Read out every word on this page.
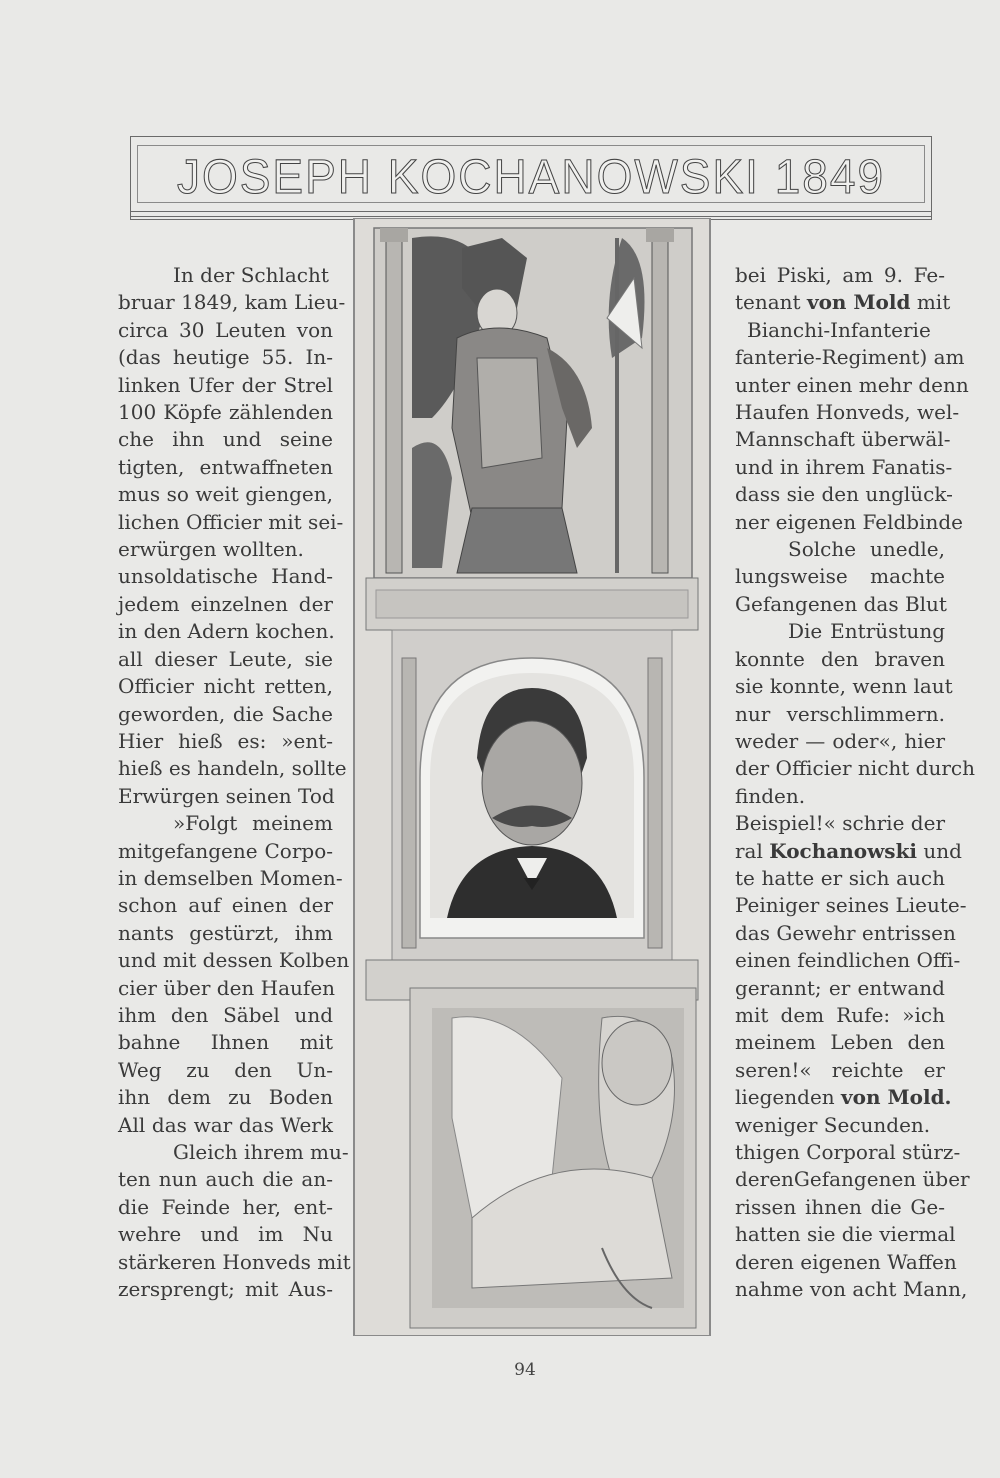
JOSEPH KOCHANOWSKI 1849
In der Schlacht
bruar 1849, kam Lieu-
circa 30 Leuten von
(das heutige 55. In-
linken Ufer der Strel
100 Köpfe zählenden
che ihn und seine
tigten, entwaffneten
mus so weit giengen,
lichen Officier mit sei-
erwürgen wollten.
unsoldatische Hand-
jedem einzelnen der
in den Adern kochen.
all dieser Leute, sie
Officier nicht retten,
geworden, die Sache
Hier hieß es: »ent-
hieß es handeln, sollte
Erwürgen seinen Tod
»Folgt meinem
mitgefangene Corpo-
in demselben Momen-
schon auf einen der
nants gestürzt, ihm
und mit dessen Kolben
cier über den Haufen
ihm den Säbel und
bahne Ihnen mit
Weg zu den Un-
ihn dem zu Boden
All das war das Werk
Gleich ihrem mu-
ten nun auch die an-
die Feinde her, ent-
wehre und im Nu
stärkeren Honveds mit
zersprengt; mit Aus-
bei Piski, am 9. Fe-
tenant von Mold mit
Bianchi-Infanterie
fanterie-Regiment) am
unter einen mehr denn
Haufen Honveds, wel-
Mannschaft überwäl-
und in ihrem Fanatis-
dass sie den unglück-
ner eigenen Feldbinde
Solche unedle,
lungsweise machte
Gefangenen das Blut
Die Entrüstung
konnte den braven
sie konnte, wenn laut
nur verschlimmern.
weder — oder«, hier
der Officier nicht durch
finden.
Beispiel!« schrie der
ral Kochanowski und
te hatte er sich auch
Peiniger seines Lieute-
das Gewehr entrissen
einen feindlichen Offi-
gerannt; er entwand
mit dem Rufe: »ich
meinem Leben den
seren!« reichte er
liegenden von Mold.
weniger Secunden.
thigen Corporal stürz-
derenGefangenen über
rissen ihnen die Ge-
hatten sie die viermal
deren eigenen Waffen
nahme von acht Mann,
94
